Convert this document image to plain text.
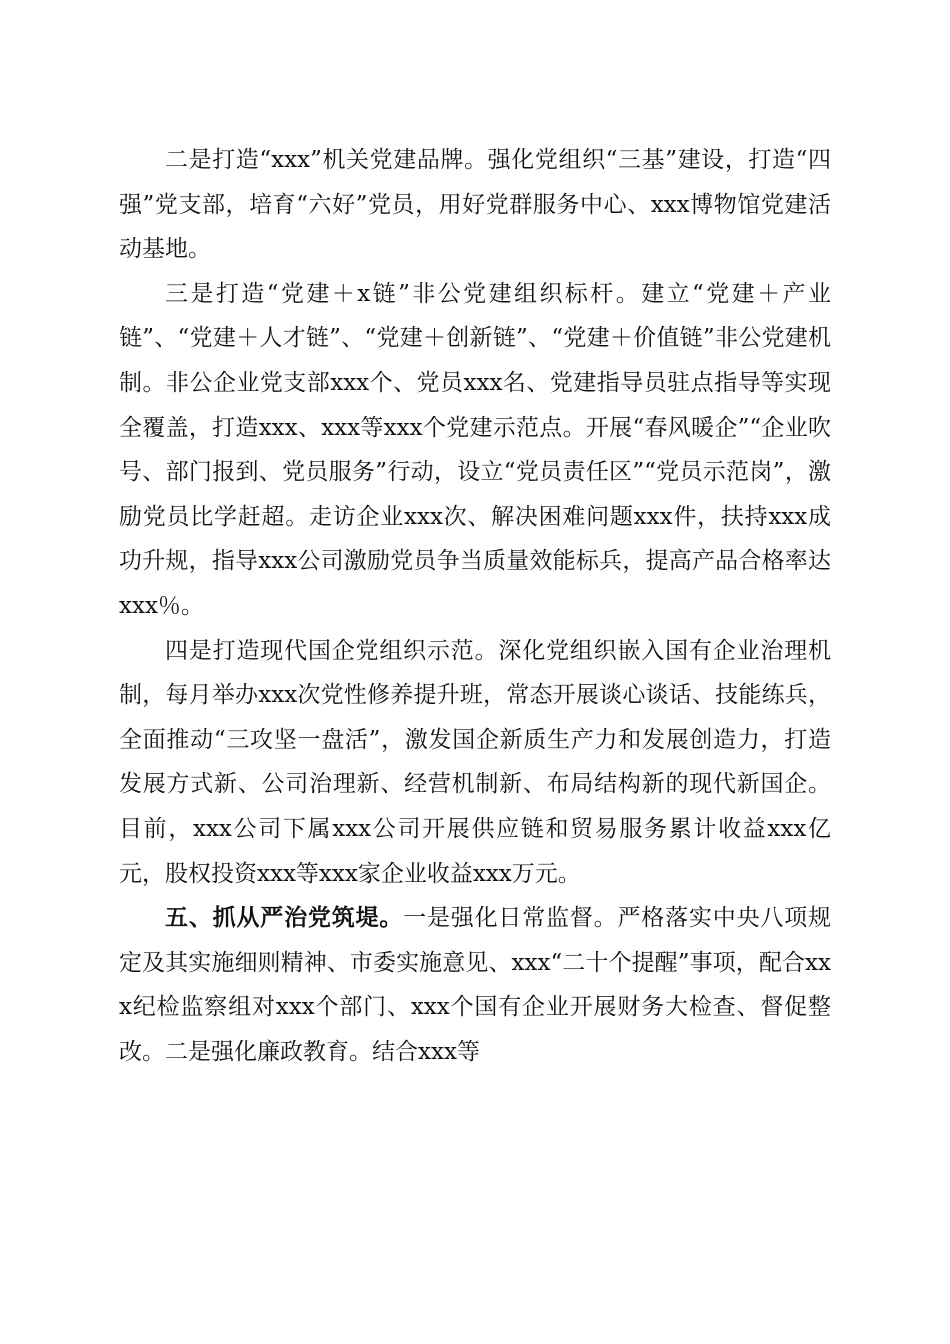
二是打造“xxx”机关党建品牌。强化党组织“三基”建设，打造“四强”党支部，培育“六好”党员，用好党群服务中心、xxx博物馆党建活动基地。

三是打造“党建＋x链”非公党建组织标杆。建立“党建＋产业链”、“党建＋人才链”、“党建＋创新链”、“党建＋价值链”非公党建机制。非公企业党支部xxx个、党员xxx名、党建指导员驻点指导等实现全覆盖，打造xxx、xxx等xxx个党建示范点。开展“春风暖企”“企业吹号、部门报到、党员服务”行动，设立“党员责任区”“党员示范岗”，激励党员比学赶超。走访企业xxx次、解决困难问题xxx件，扶持xxx成功升规，指导xxx公司激励党员争当质量效能标兵，提高产品合格率达xxx％。

四是打造现代国企党组织示范。深化党组织嵌入国有企业治理机制，每月举办xxx次党性修养提升班，常态开展谈心谈话、技能练兵，全面推动“三攻坚一盘活”，激发国企新质生产力和发展创造力，打造发展方式新、公司治理新、经营机制新、布局结构新的现代新国企。目前，xxx公司下属xxx公司开展供应链和贸易服务累计收益xxx亿元，股权投资xxx等xxx家企业收益xxx万元。

五、抓从严治党筑堤。一是强化日常监督。严格落实中央八项规定及其实施细则精神、市委实施意见、xxx“二十个提醒”事项，配合xxx纪检监察组对xxx个部门、xxx个国有企业开展财务大检查、督促整改。二是强化廉政教育。结合xxx等
